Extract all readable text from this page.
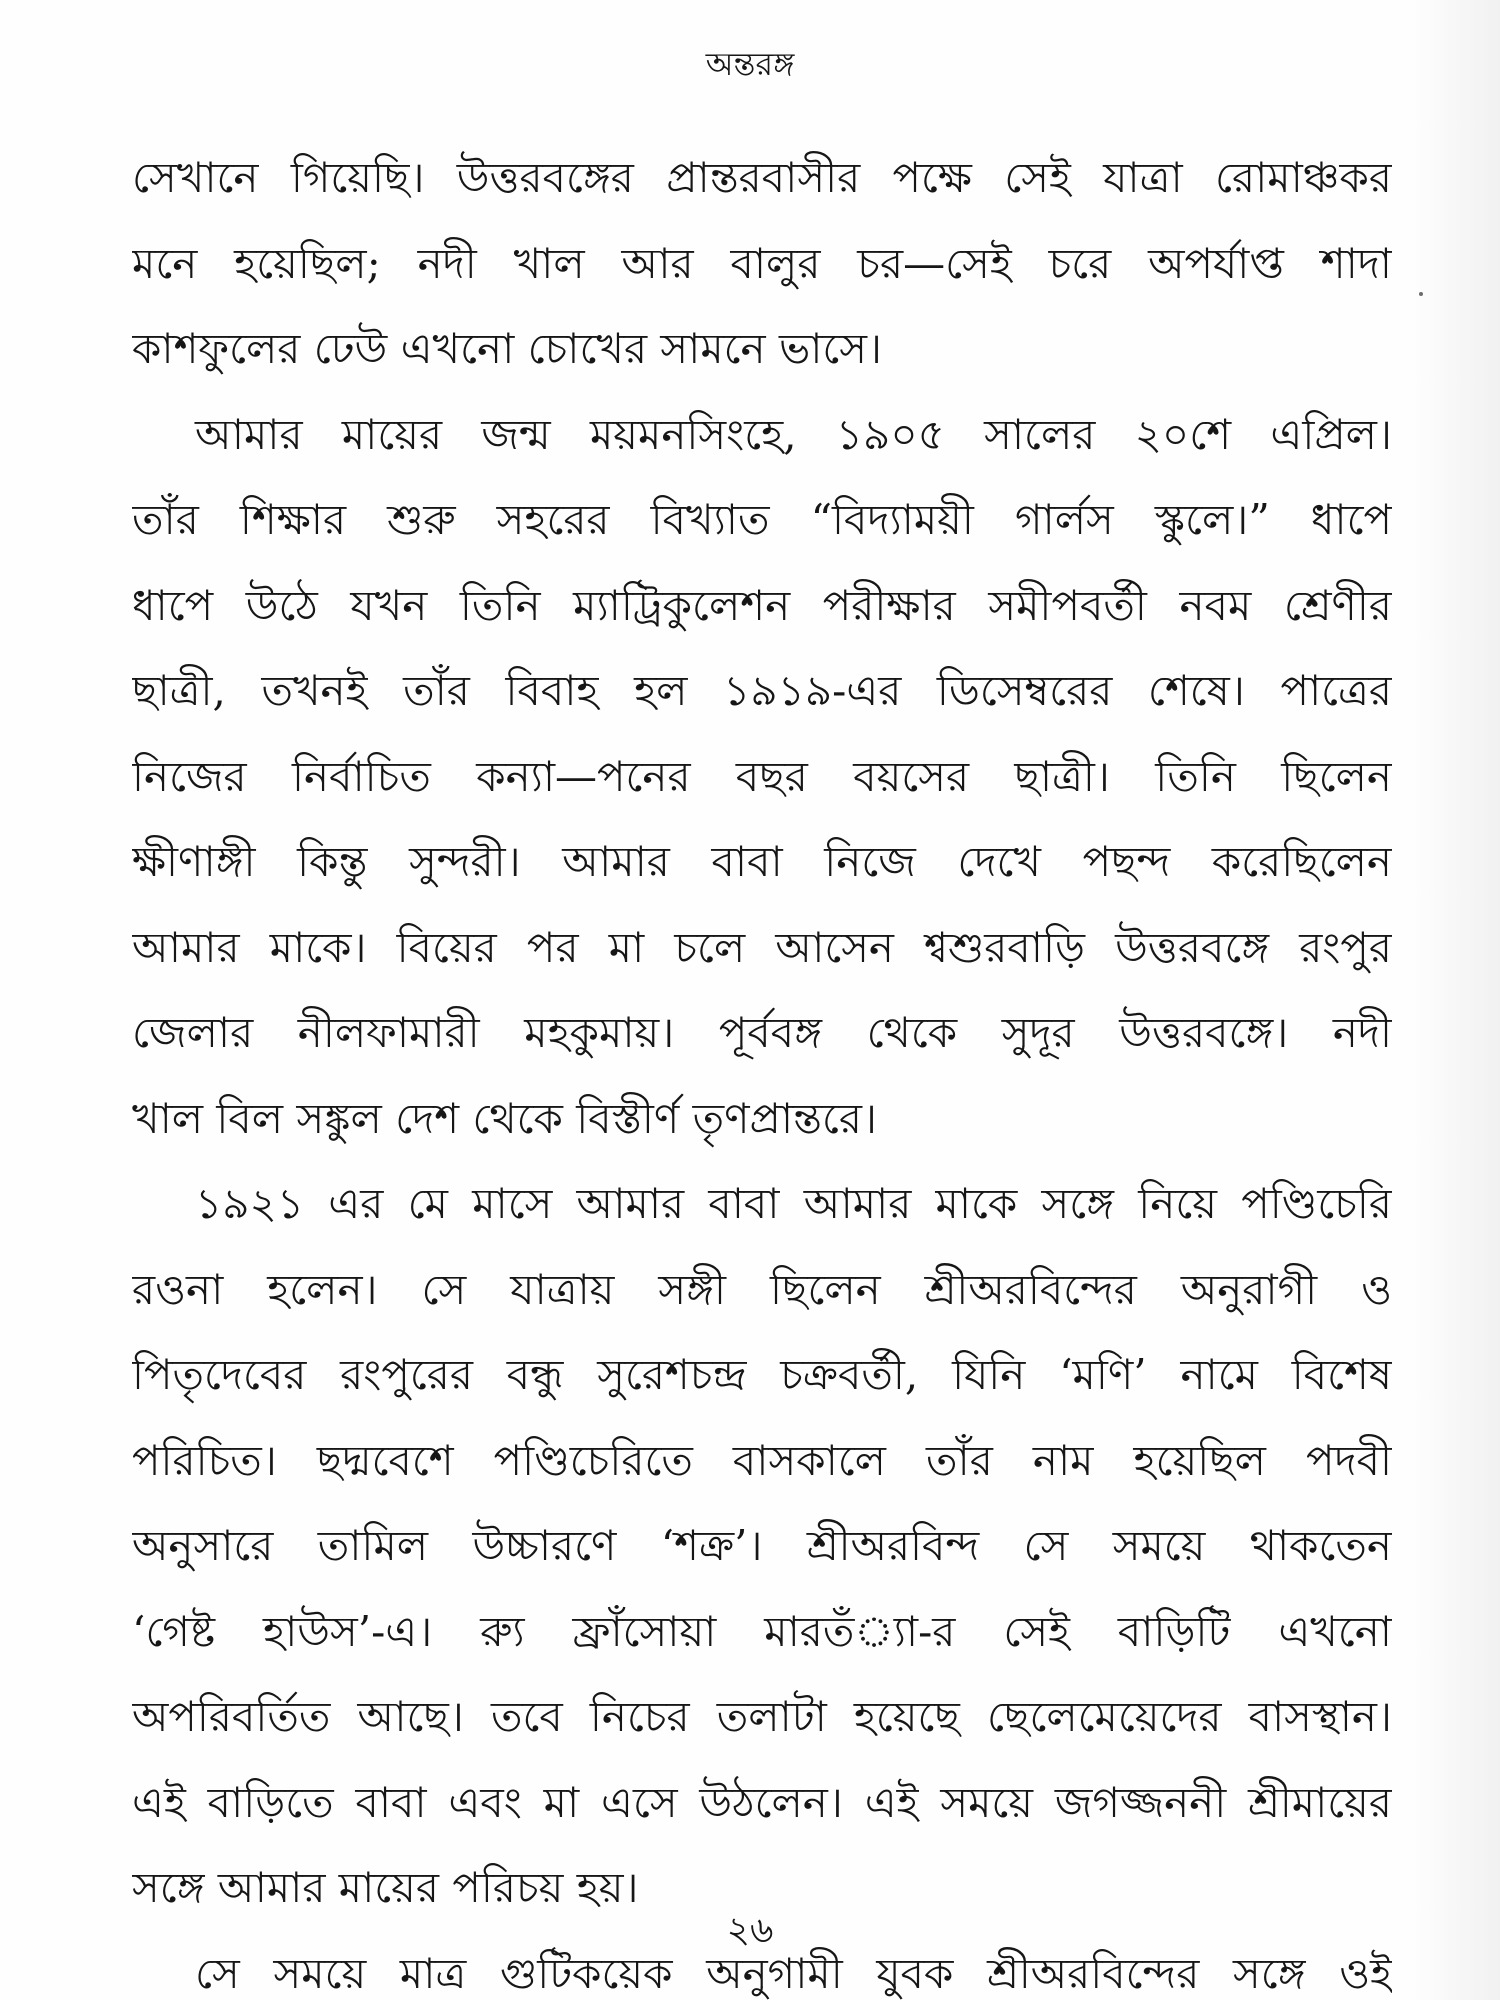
অন্তরঙ্গ
সেখানে গিয়েছি। উত্তরবঙ্গের প্রান্তরবাসীর পক্ষে সেই যাত্রা রোমাঞ্চকর
মনে হয়েছিল; নদী খাল আর বালুর চর—সেই চরে অপর্যাপ্ত শাদা
কাশফুলের ঢেউ এখনো চোখের সামনে ভাসে।
আমার মায়ের জন্ম ময়মনসিংহে, ১৯০৫ সালের ২০শে এপ্রিল।
তাঁর শিক্ষার শুরু সহরের বিখ্যাত “বিদ্যাময়ী গার্লস স্কুলে।” ধাপে
ধাপে উঠে যখন তিনি ম্যাট্রিকুলেশন পরীক্ষার সমীপবর্তী নবম শ্রেণীর
ছাত্রী, তখনই তাঁর বিবাহ হল ১৯১৯-এর ডিসেম্বরের শেষে। পাত্রের
নিজের নির্বাচিত কন্যা—পনের বছর বয়সের ছাত্রী। তিনি ছিলেন
ক্ষীণাঙ্গী কিন্তু সুন্দরী। আমার বাবা নিজে দেখে পছন্দ করেছিলেন
আমার মাকে। বিয়ের পর মা চলে আসেন শ্বশুরবাড়ি উত্তরবঙ্গে রংপুর
জেলার নীলফামারী মহকুমায়। পূর্ববঙ্গ থেকে সুদূর উত্তরবঙ্গে। নদী
খাল বিল সঙ্কুল দেশ থেকে বিস্তীর্ণ তৃণপ্রান্তরে।
১৯২১ এর মে মাসে আমার বাবা আমার মাকে সঙ্গে নিয়ে পণ্ডিচেরি
রওনা হলেন। সে যাত্রায় সঙ্গী ছিলেন শ্রীঅরবিন্দের অনুরাগী ও
পিতৃদেবের রংপুরের বন্ধু সুরেশচন্দ্র চক্রবর্তী, যিনি ‘মণি’ নামে বিশেষ
পরিচিত। ছদ্মবেশে পণ্ডিচেরিতে বাসকালে তাঁর নাম হয়েছিল পদবী
অনুসারে তামিল উচ্চারণে ‘শক্র’। শ্রীঅরবিন্দ সে সময়ে থাকতেন
‘গেষ্ট হাউস’-এ। র‍্যু ফ্রাঁসোয়া মারতঁ্যা-র সেই বাড়িটি এখনো
অপরিবর্তিত আছে। তবে নিচের তলাটা হয়েছে ছেলেমেয়েদের বাসস্থান।
এই বাড়িতে বাবা এবং মা এসে উঠলেন। এই সময়ে জগজ্জননী শ্রীমায়ের
সঙ্গে আমার মায়ের পরিচয় হয়।
সে সময়ে মাত্র গুটিকয়েক অনুগামী যুবক শ্রীঅরবিন্দের সঙ্গে ওই
২৬
